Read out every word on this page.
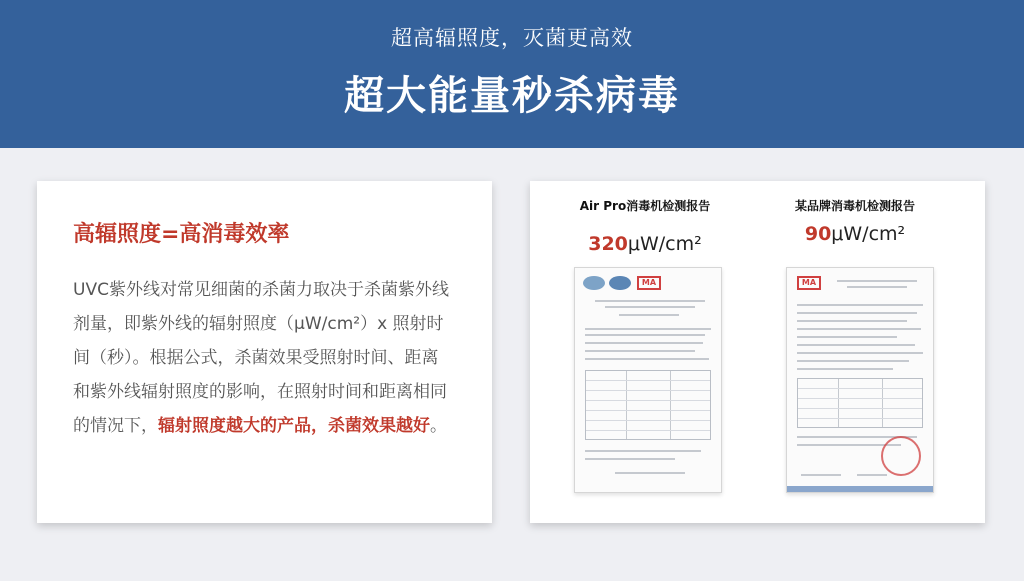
超高辐照度，灭菌更高效
超大能量秒杀病毒
高辐照度=高消毒效率
UVC紫外线对常见细菌的杀菌力取决于杀菌紫外线剂量，即紫外线的辐射照度（μW/cm²）x 照射时间（秒）。根据公式，杀菌效果受照射时间、距离和紫外线辐射照度的影响，在照射时间和距离相同的情况下，辐射照度越大的产品，杀菌效果越好。
Air Pro消毒机检测报告
320μW/cm²
某品牌消毒机检测报告
90μW/cm²
MA	MA
